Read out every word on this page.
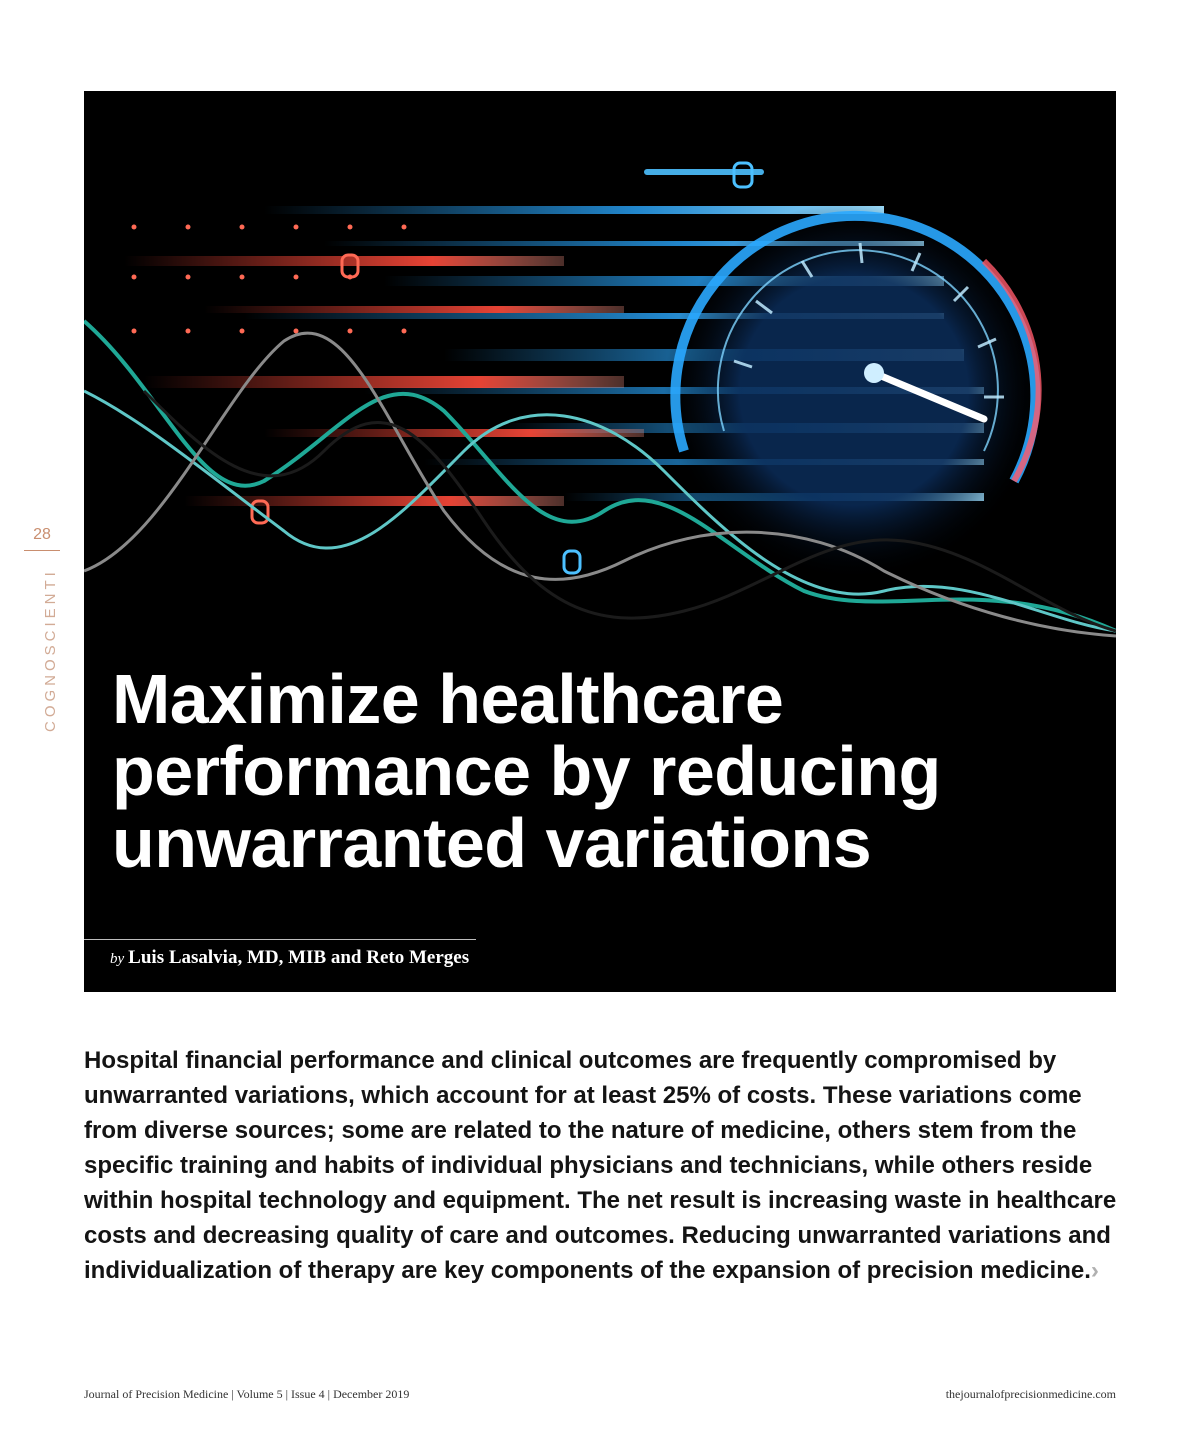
28
COGNOSCIENTI Maximize healthcare
performance by reducing
unwarranted variations
by Luis Lasalvia, MD, MIB and Reto Merges

Hospital financial performance and clinical outcomes are frequently compromised by unwarranted variations, which account for at least 25% of costs. These variations come from diverse sources; some are related to the nature of medicine, others stem from the specific training and habits of individual physicians and technicians, while others reside within hospital technology and equipment. The net result is increasing waste in healthcare costs and decreasing quality of care and outcomes. Reducing unwarranted variations and individualization of therapy are key components of the expansion of precision medicine.›

Journal of Precision Medicine | Volume 5 | Issue 4 | December 2019	thejournalofprecisionmedicine.com
